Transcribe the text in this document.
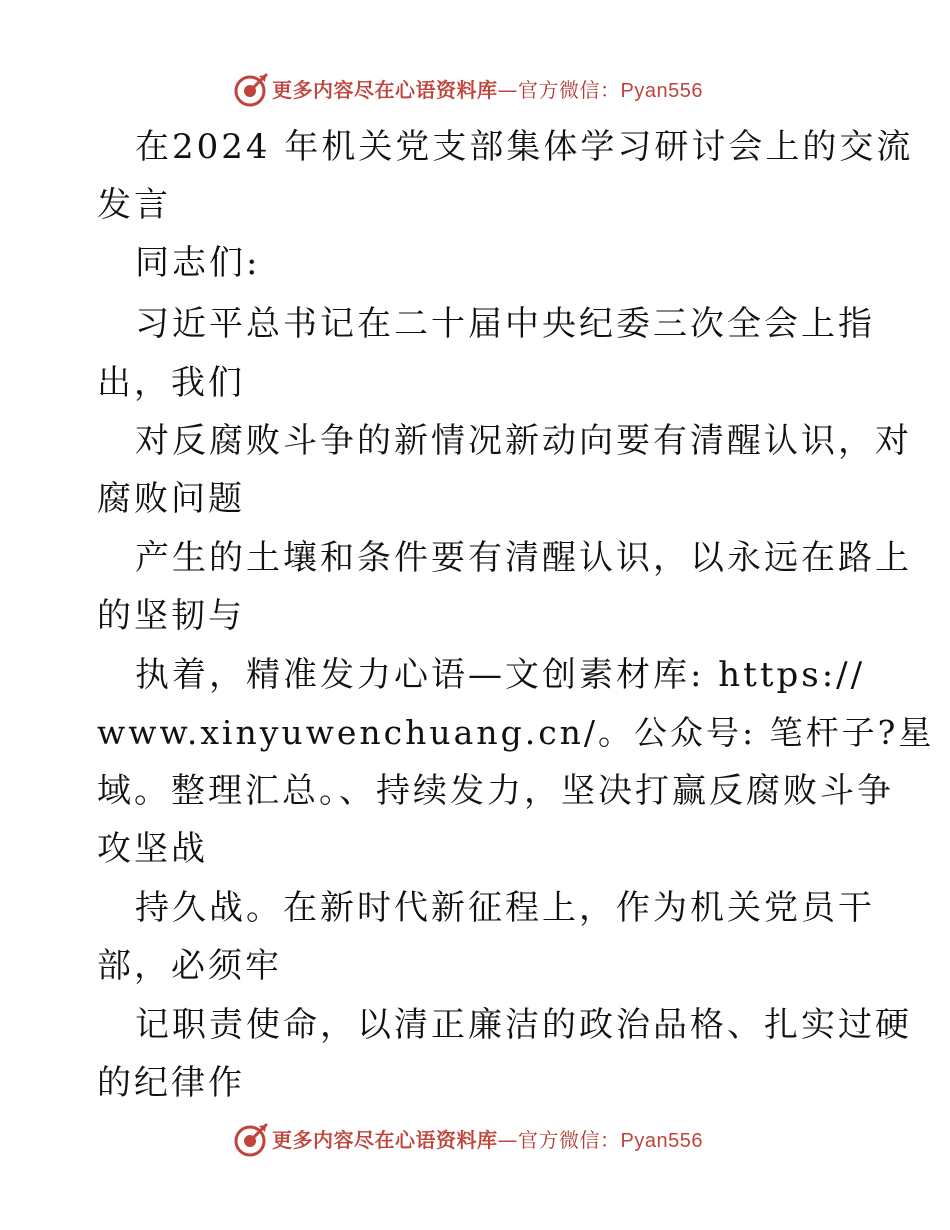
更多内容尽在心语资料库—官方微信：Pyan556
在2024 年机关党支部集体学习研讨会上的交流
发言
同志们:
习近平总书记在二十届中央纪委三次全会上指
出，我们
对反腐败斗争的新情况新动向要有清醒认识，对
腐败问题
产生的土壤和条件要有清醒认识，以永远在路上
的坚韧与
执着，精准发力心语—文创素材库: https://
www.xinyuwenchuang.cn/。公众号: 笔杆子?星
域。整理汇总。、持续发力，坚决打赢反腐败斗争
攻坚战
持久战。在新时代新征程上，作为机关党员干
部，必须牢
记职责使命，以清正廉洁的政治品格、扎实过硬
的纪律作
更多内容尽在心语资料库—官方微信：Pyan556
